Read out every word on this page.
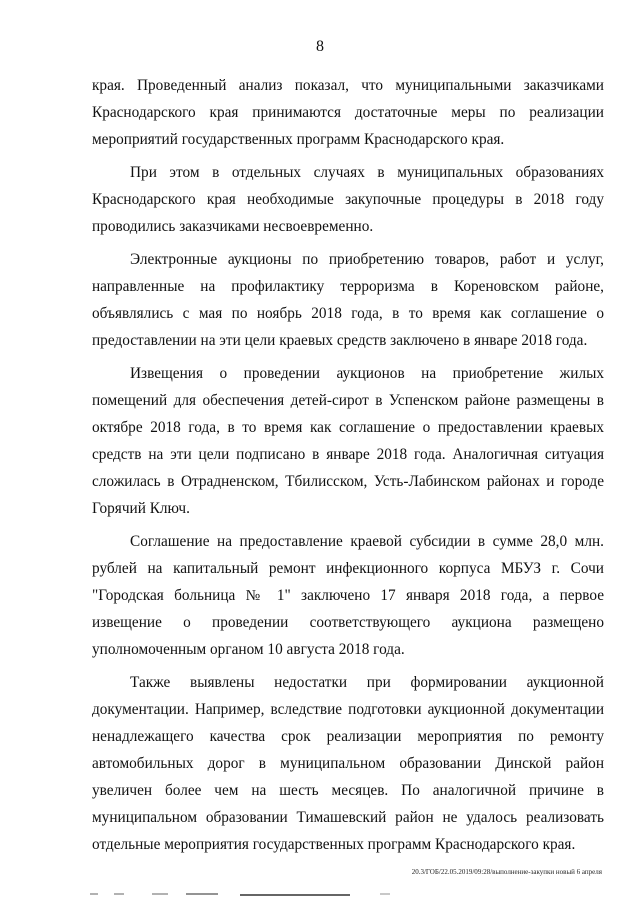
8

края. Проведенный анализ показал, что муниципальными заказчиками Краснодарского края принимаются достаточные меры по реализации мероприятий государственных программ Краснодарского края.

При этом в отдельных случаях в муниципальных образованиях Краснодарского края необходимые закупочные процедуры в 2018 году проводились заказчиками несвоевременно.

Электронные аукционы по приобретению товаров, работ и услуг, направленные на профилактику терроризма в Кореновском районе, объявлялись с мая по ноябрь 2018 года, в то время как соглашение о предоставлении на эти цели краевых средств заключено в январе 2018 года.

Извещения о проведении аукционов на приобретение жилых помещений для обеспечения детей-сирот в Успенском районе размещены в октябре 2018 года, в то время как соглашение о предоставлении краевых средств на эти цели подписано в январе 2018 года. Аналогичная ситуация сложилась в Отрадненском, Тбилисском, Усть-Лабинском районах и городе Горячий Ключ.

Соглашение на предоставление краевой субсидии в сумме 28,0 млн. рублей на капитальный ремонт инфекционного корпуса МБУЗ г. Сочи "Городская больница № 1" заключено 17 января 2018 года, а первое извещение о проведении соответствующего аукциона размещено уполномоченным органом 10 августа 2018 года.

Также выявлены недостатки при формировании аукционной документации. Например, вследствие подготовки аукционной документации ненадлежащего качества срок реализации мероприятия по ремонту автомобильных дорог в муниципальном образовании Динской район увеличен более чем на шесть месяцев. По аналогичной причине в муниципальном образовании Тимашевский район не удалось реализовать отдельные мероприятия государственных программ Краснодарского края.

20.3/ГОБ/22.05.2019/09:28/выполнение-закупки новый 6 апреля
